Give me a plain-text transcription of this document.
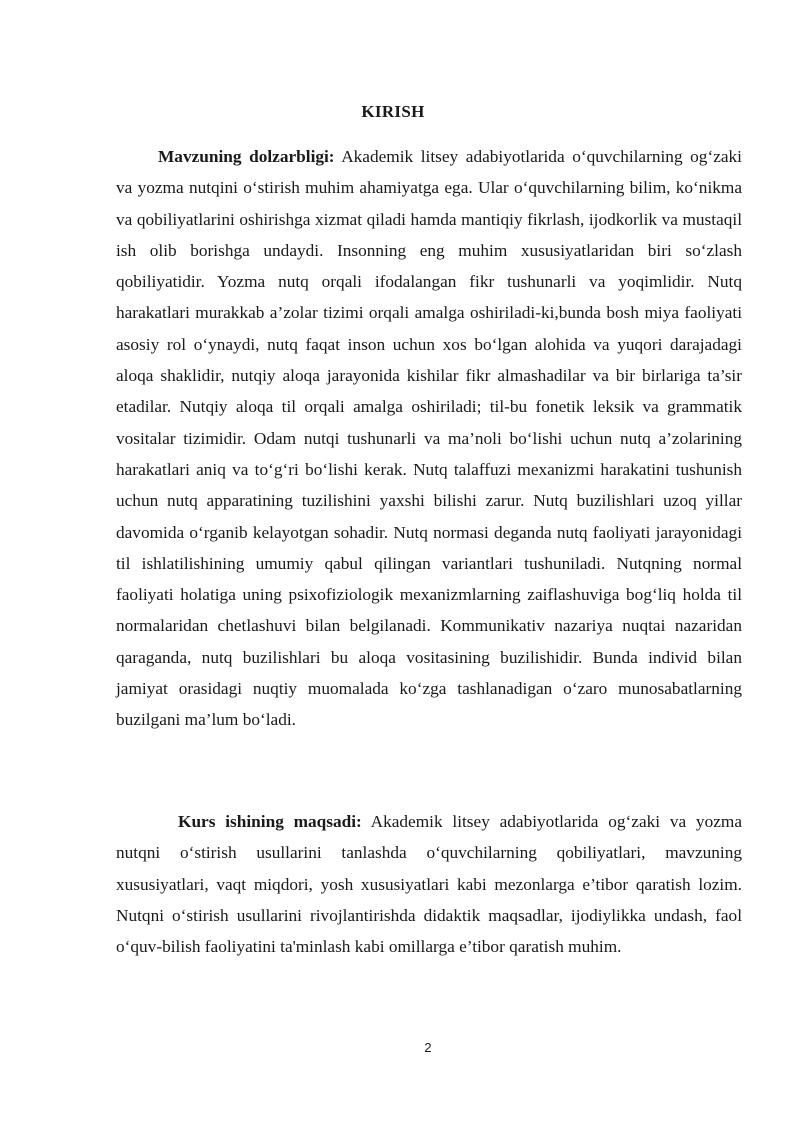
KIRISH

Mavzuning dolzarbligi: Akademik litsey adabiyotlarida o‘quvchilarning og‘zaki va yozma nutqini o‘stirish muhim ahamiyatga ega. Ular o‘quvchilarning bilim, ko‘nikma va qobiliyatlarini oshirishga xizmat qiladi hamda mantiqiy fikrlash, ijodkorlik va mustaqil ish olib borishga undaydi. Insonning eng muhim xususiyatlaridan biri so‘zlash qobiliyatidir. Yozma nutq orqali ifodalangan fikr tushunarli va yoqimlidir. Nutq harakatlari murakkab a’zolar tizimi orqali amalga oshiriladi-ki,bunda bosh miya faoliyati asosiy rol o‘ynaydi, nutq faqat inson uchun xos bo‘lgan alohida va yuqori darajadagi aloqa shaklidir, nutqiy aloqa jarayonida kishilar fikr almashadilar va bir birlariga ta’sir etadilar. Nutqiy aloqa til orqali amalga oshiriladi; til-bu fonetik leksik va grammatik vositalar tizimidir. Odam nutqi tushunarli va ma’noli bo‘lishi uchun nutq a’zolarining harakatlari aniq va to‘g‘ri bo‘lishi kerak. Nutq talaffuzi mexanizmi harakatini tushunish uchun nutq apparatining tuzilishini yaxshi bilishi zarur. Nutq buzilishlari uzoq yillar davomida o‘rganib kelayotgan sohadir. Nutq normasi deganda nutq faoliyati jarayonidagi til ishlatilishining umumiy qabul qilingan variantlari tushuniladi. Nutqning normal faoliyati holatiga uning psixofiziologik mexanizmlarning zaiflashuviga bog‘liq holda til normalaridan chetlashuvi bilan belgilanadi. Kommunikativ nazariya nuqtai nazaridan qaraganda, nutq buzilishlari bu aloqa vositasining buzilishidir. Bunda individ bilan jamiyat orasidagi nuqtiy muomalada ko‘zga tashlanadigan o‘zaro munosabatlarning buzilgani ma’lum bo‘ladi.

Kurs ishining maqsadi: Akademik litsey adabiyotlarida og‘zaki va yozma nutqni o‘stirish usullarini tanlashda o‘quvchilarning qobiliyatlari, mavzuning xususiyatlari, vaqt miqdori, yosh xususiyatlari kabi mezonlarga e’tibor qaratish lozim. Nutqni o‘stirish usullarini rivojlantirishda didaktik maqsadlar, ijodiylikka undash, faol o‘quv-bilish faoliyatini ta'minlash kabi omillarga e’tibor qaratish muhim.

2
